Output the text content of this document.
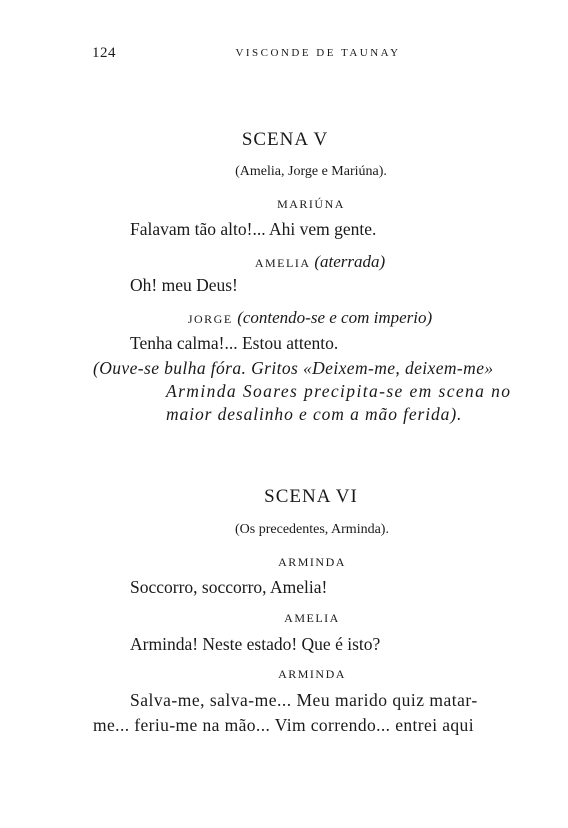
124	VISCONDE DE TAUNAY
SCENA V
(Amelia, Jorge e Mariúna).
MARIÚNA
Falavam tão alto!... Ahi vem gente.
AMELIA (aterrada)
Oh! meu Deus!
JORGE (contendo-se e com imperio)
Tenha calma!... Estou attento.
(Ouve-se bulha fóra. Gritos «Deixem-me, deixem-me»
Arminda Soares precipita-se em scena no
maior desalinho e com a mão ferida).
SCENA VI
(Os precedentes, Arminda).
ARMINDA
Soccorro, soccorro, Amelia!
AMELIA
Arminda! Neste estado! Que é isto?
ARMINDA
Salva-me, salva-me... Meu marido quiz matar-
me... feriu-me na mão... Vim correndo... entrei aqui
